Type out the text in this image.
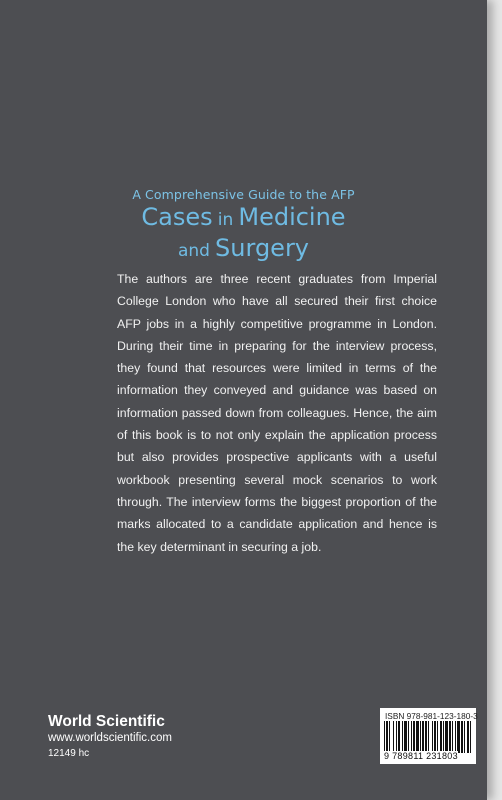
A Comprehensive Guide to the AFP
Cases in Medicine
and Surgery
The authors are three recent graduates from Imperial College London who have all secured their first choice AFP jobs in a highly competitive programme in London. During their time in preparing for the interview process, they found that resources were limited in terms of the information they conveyed and guidance was based on information passed down from colleagues. Hence, the aim of this book is to not only explain the application process but also provides prospective applicants with a useful workbook presenting several mock scenarios to work through. The interview forms the biggest proportion of the marks allocated to a candidate application and hence is the key determinant in securing a job.
World Scientific
www.worldscientific.com
12149 hc
ISBN 978-981-123-180-3
9 789811 231803
